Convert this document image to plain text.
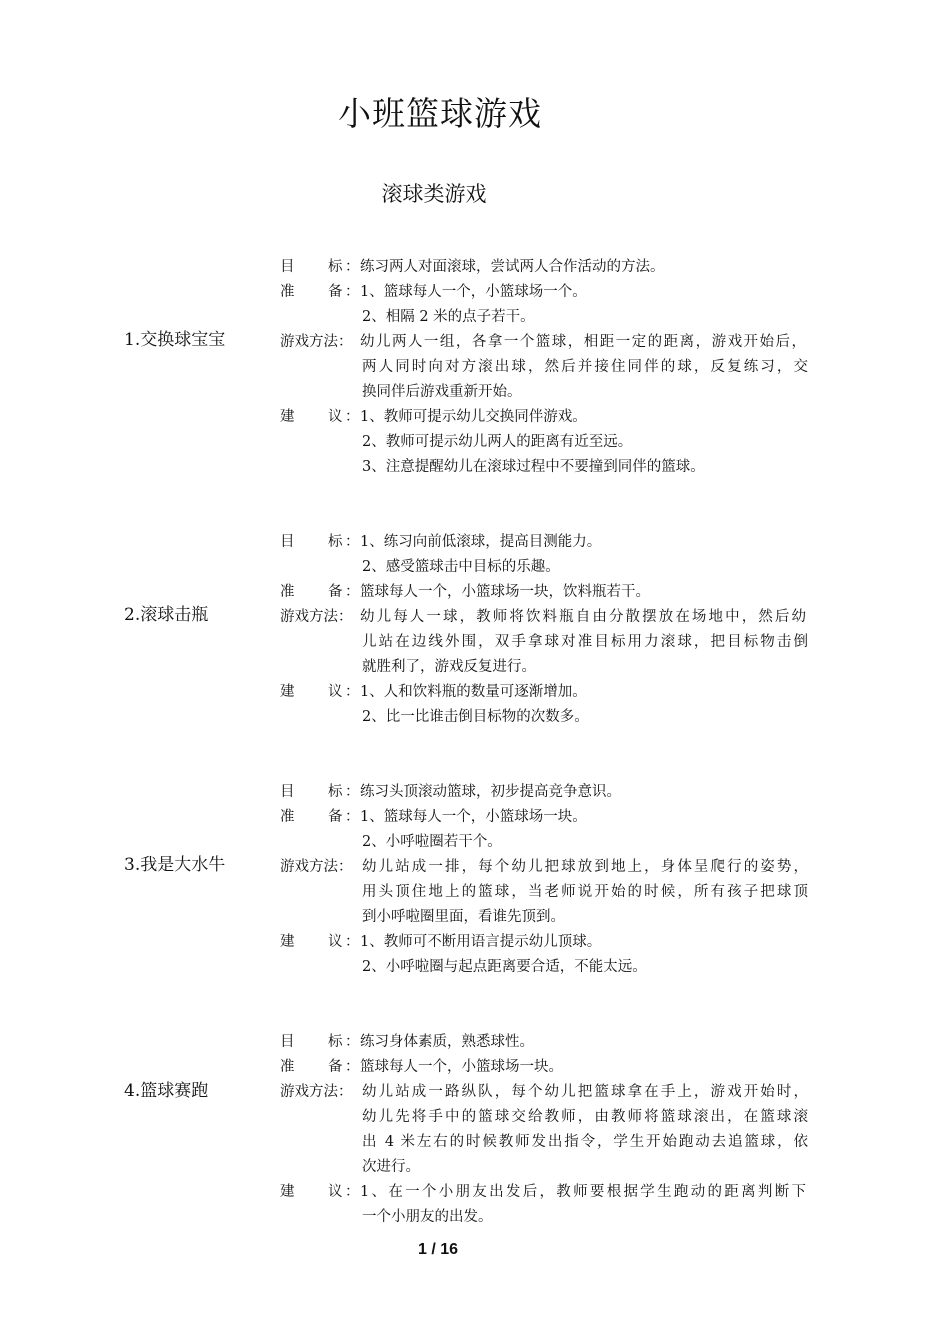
小班篮球游戏
滚球类游戏
1.交换球宝宝
目 标 ： 练习两人对面滚球，尝试两人合作活动的方法。
准 备 ： 1、篮球每人一个，小篮球场一个。
2、相隔 2 米的点子若干。
游戏方法： 幼儿两人一组，各拿一个篮球，相距一定的距离，游戏开始后，
两人同时向对方滚出球，然后并接住同伴的球，反复练习，交
换同伴后游戏重新开始。
建 议 ： 1、教师可提示幼儿交换同伴游戏。
2、教师可提示幼儿两人的距离有近至远。
3、注意提醒幼儿在滚球过程中不要撞到同伴的篮球。
2.滚球击瓶
目 标 ： 1、练习向前低滚球，提高目测能力。
2、感受篮球击中目标的乐趣。
准 备 ： 篮球每人一个，小篮球场一块，饮料瓶若干。
游戏方法： 幼儿每人一球，教师将饮料瓶自由分散摆放在场地中，然后幼
儿站在边线外围，双手拿球对准目标用力滚球，把目标物击倒
就胜利了，游戏反复进行。
建 议 ： 1、人和饮料瓶的数量可逐渐增加。
2、比一比谁击倒目标物的次数多。
3.我是大水牛
目 标 ： 练习头顶滚动篮球，初步提高竞争意识。
准 备 ： 1、篮球每人一个，小篮球场一块。
2、小呼啦圈若干个。
游戏方法： 幼儿站成一排，每个幼儿把球放到地上，身体呈爬行的姿势，
用头顶住地上的篮球，当老师说开始的时候，所有孩子把球顶
到小呼啦圈里面，看谁先顶到。
建 议 ： 1、教师可不断用语言提示幼儿顶球。
2、小呼啦圈与起点距离要合适，不能太远。
4.篮球赛跑
目 标 ： 练习身体素质，熟悉球性。
准 备 ： 篮球每人一个，小篮球场一块。
游戏方法： 幼儿站成一路纵队，每个幼儿把篮球拿在手上，游戏开始时，
幼儿先将手中的篮球交给教师，由教师将篮球滚出，在篮球滚
出 4 米左右的时候教师发出指令，学生开始跑动去追篮球，依
次进行。
建 议 ： 1、在一个小朋友出发后，教师要根据学生跑动的距离判断下
一个小朋友的出发。
1 / 16
